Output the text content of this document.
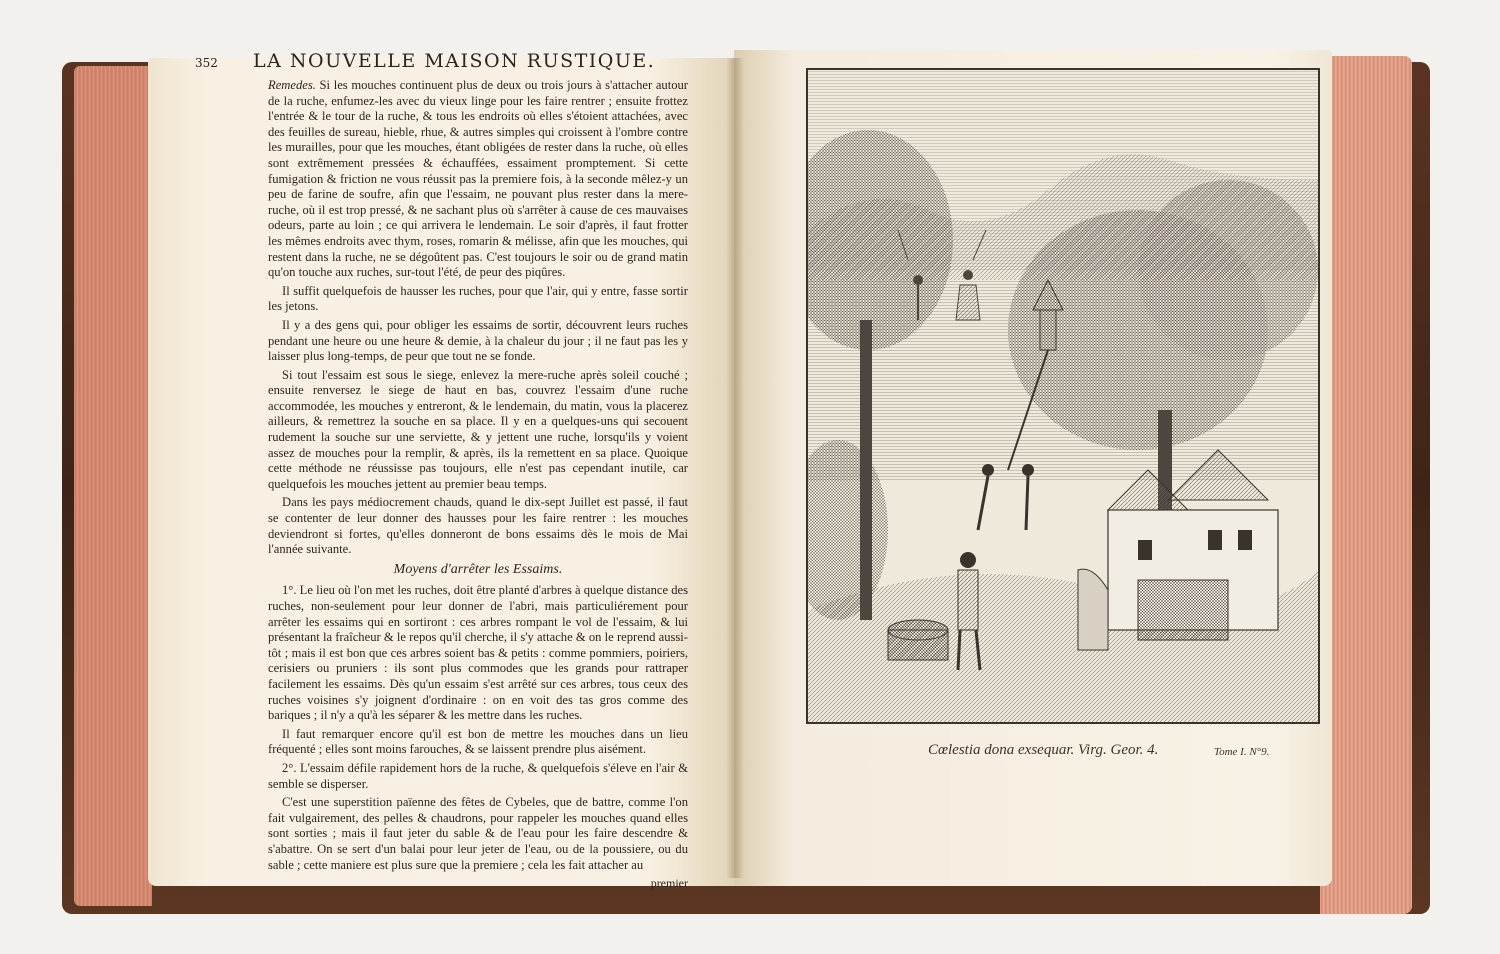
352 LA NOUVELLE MAISON RUSTIQUE.

Remedes. Si les mouches continuent plus de deux ou trois jours à s'attacher autour de la ruche, enfumez-les avec du vieux linge pour les faire rentrer ; ensuite frottez l'entrée & le tour de la ruche, & tous les endroits où elles s'étoient attachées, avec des feuilles de sureau, hieble, rhue, & autres simples qui croissent à l'ombre contre les murailles, pour que les mouches, étant obligées de rester dans la ruche, où elles sont extrêmement pressées & échauffées, essaiment promptement. Si cette fumigation & friction ne vous réussit pas la premiere fois, à la seconde mêlez-y un peu de farine de soufre, afin que l'essaim, ne pouvant plus rester dans la mere-ruche, où il est trop pressé, & ne sachant plus où s'arrêter à cause de ces mauvaises odeurs, parte au loin ; ce qui arrivera le lendemain. Le soir d'après, il faut frotter les mêmes endroits avec thym, roses, romarin & mélisse, afin que les mouches, qui restent dans la ruche, ne se dégoûtent pas. C'est toujours le soir ou de grand matin qu'on touche aux ruches, sur-tout l'été, de peur des piqûres.

Il suffit quelquefois de hausser les ruches, pour que l'air, qui y entre, fasse sortir les jetons.

Il y a des gens qui, pour obliger les essaims de sortir, découvrent leurs ruches pendant une heure ou une heure & demie, à la chaleur du jour ; il ne faut pas les y laisser plus long-temps, de peur que tout ne se fonde.

Si tout l'essaim est sous le siege, enlevez la mere-ruche après soleil couché ; ensuite renversez le siege de haut en bas, couvrez l'essaim d'une ruche accommodée, les mouches y entreront, & le lendemain, du matin, vous la placerez ailleurs, & remettrez la souche en sa place. Il y en a quelques-uns qui secouent rudement la souche sur une serviette, & y jettent une ruche, lorsqu'ils y voient assez de mouches pour la remplir, & après, ils la remettent en sa place. Quoique cette méthode ne réussisse pas toujours, elle n'est pas cependant inutile, car quelquefois les mouches jettent au premier beau temps.

Dans les pays médiocrement chauds, quand le dix-sept Juillet est passé, il faut se contenter de leur donner des hausses pour les faire rentrer : les mouches deviendront si fortes, qu'elles donneront de bons essaims dès le mois de Mai l'année suivante.

Moyens d'arrêter les Essaims.

1°. Le lieu où l'on met les ruches, doit être planté d'arbres à quelque distance des ruches, non-seulement pour leur donner de l'abri, mais particuliérement pour arrêter les essaims qui en sortiront : ces arbres rompant le vol de l'essaim, & lui présentant la fraîcheur & le repos qu'il cherche, il s'y attache & on le reprend aussi-tôt ; mais il est bon que ces arbres soient bas & petits : comme pommiers, poiriers, cerisiers ou pruniers : ils sont plus commodes que les grands pour rattraper facilement les essaims. Dès qu'un essaim s'est arrêté sur ces arbres, tous ceux des ruches voisines s'y joignent d'ordinaire : on en voit des tas gros comme des bariques ; il n'y a qu'à les séparer & les mettre dans les ruches.

Il faut remarquer encore qu'il est bon de mettre les mouches dans un lieu fréquenté ; elles sont moins farouches, & se laissent prendre plus aisément.

2°. L'essaim défile rapidement hors de la ruche, & quelquefois s'éleve en l'air & semble se disperser.

C'est une superstition païenne des fêtes de Cybeles, que de battre, comme l'on fait vulgairement, des pelles & chaudrons, pour rappeler les mouches quand elles sont sorties ; mais il faut jeter du sable & de l'eau pour les faire descendre & s'abattre. On se sert d'un balai pour leur jeter de l'eau, ou de la poussiere, ou du sable ; cette maniere est plus sure que la premiere ; cela les fait attacher au

premier
Cœlestia dona exsequar. Virg. Geor. 4.	Tome I. N°9.
